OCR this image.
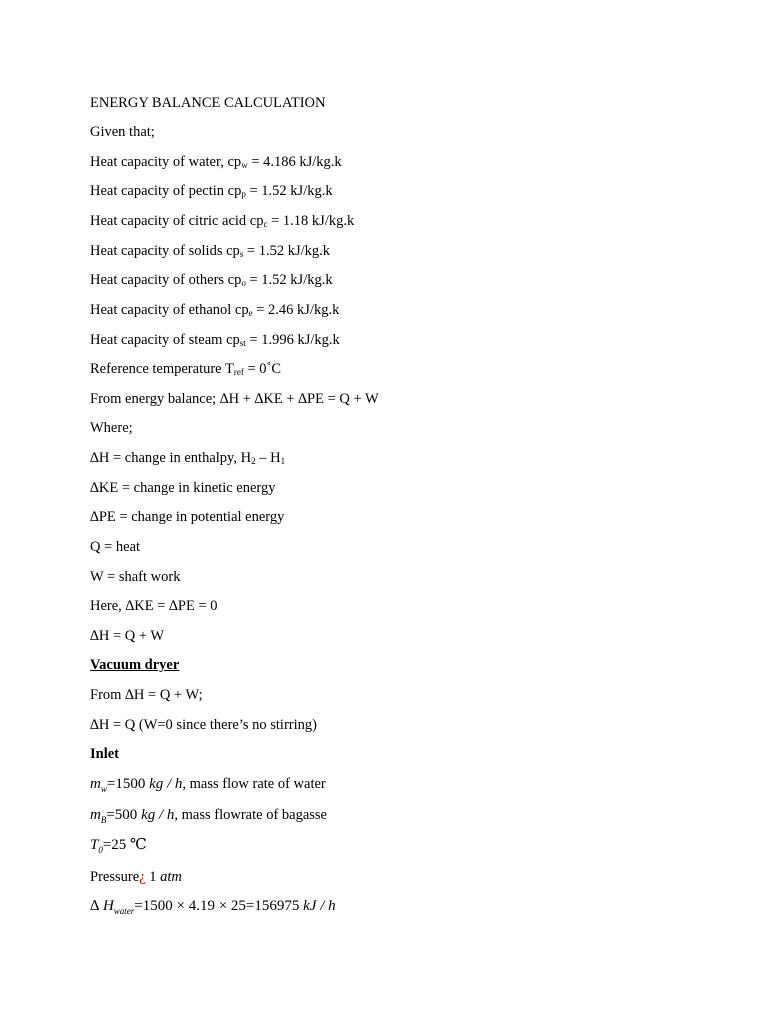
ENERGY BALANCE CALCULATION
Given that;
Heat capacity of water, $cp_w = 4.186$ kJ/kg.k
Heat capacity of pectin $cp_p = 1.52$ kJ/kg.k
Heat capacity of citric acid $cp_c = 1.18$ kJ/kg.k
Heat capacity of solids $cp_s = 1.52$ kJ/kg.k
Heat capacity of others $cp_o = 1.52$ kJ/kg.k
Heat capacity of ethanol $cp_e = 2.46$ kJ/kg.k
Heat capacity of steam $cp_{st} = 1.996$ kJ/kg.k
Reference temperature $T_{ref}$ = 0˚C
From energy balance; ∆H + ∆KE + ∆PE = Q + W
Where;
∆H = change in enthalpy, $H_2 - H_1$
∆KE = change in kinetic energy
∆PE = change in potential energy
Q = heat
W = shaft work
Here, ∆KE = ∆PE = 0
∆H = Q + W
Vacuum dryer
From ∆H = Q + W;
∆H = Q (W=0 since there’s no stirring)
Inlet
$m_w=1500$ kg / h, mass flow rate of water
$m_B=500$ kg / h, mass flowrate of bagasse
$T_0=25$ ℃
Pressure¿ 1 atm
∆ $H_{water}=1500 \times 4.19 \times 25=156975$ kJ / h
